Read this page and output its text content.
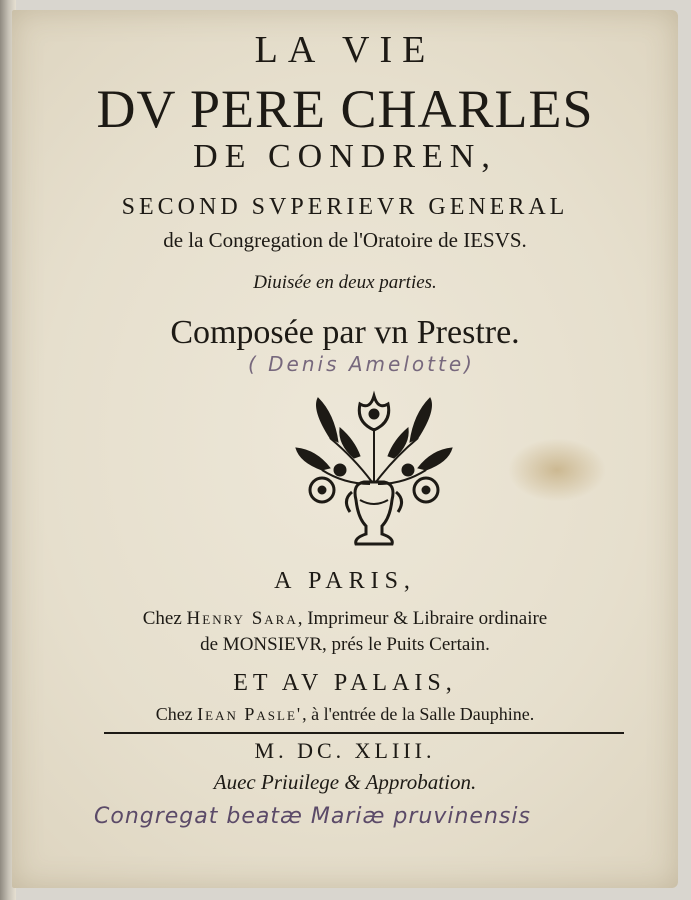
LA VIE

DV PERE CHARLES

DE CONDREN,

SECOND SVPERIEVR GENERAL

de la Congregation de l'Oratoire de IESVS.

Diuisée en deux parties.

Composée par vn Prestre.

( Denis Amelotte)

A PARIS,

Chez Henry Sara, Imprimeur & Libraire ordinaire

de MONSIEVR, prés le Puits Certain.

ET AV PALAIS,

Chez Iean Pasle', à l'entrée de la Salle Dauphine.

M. DC. XLIII.

Auec Priuilege & Approbation.

Congregat beatæ Mariæ pruvinensis
